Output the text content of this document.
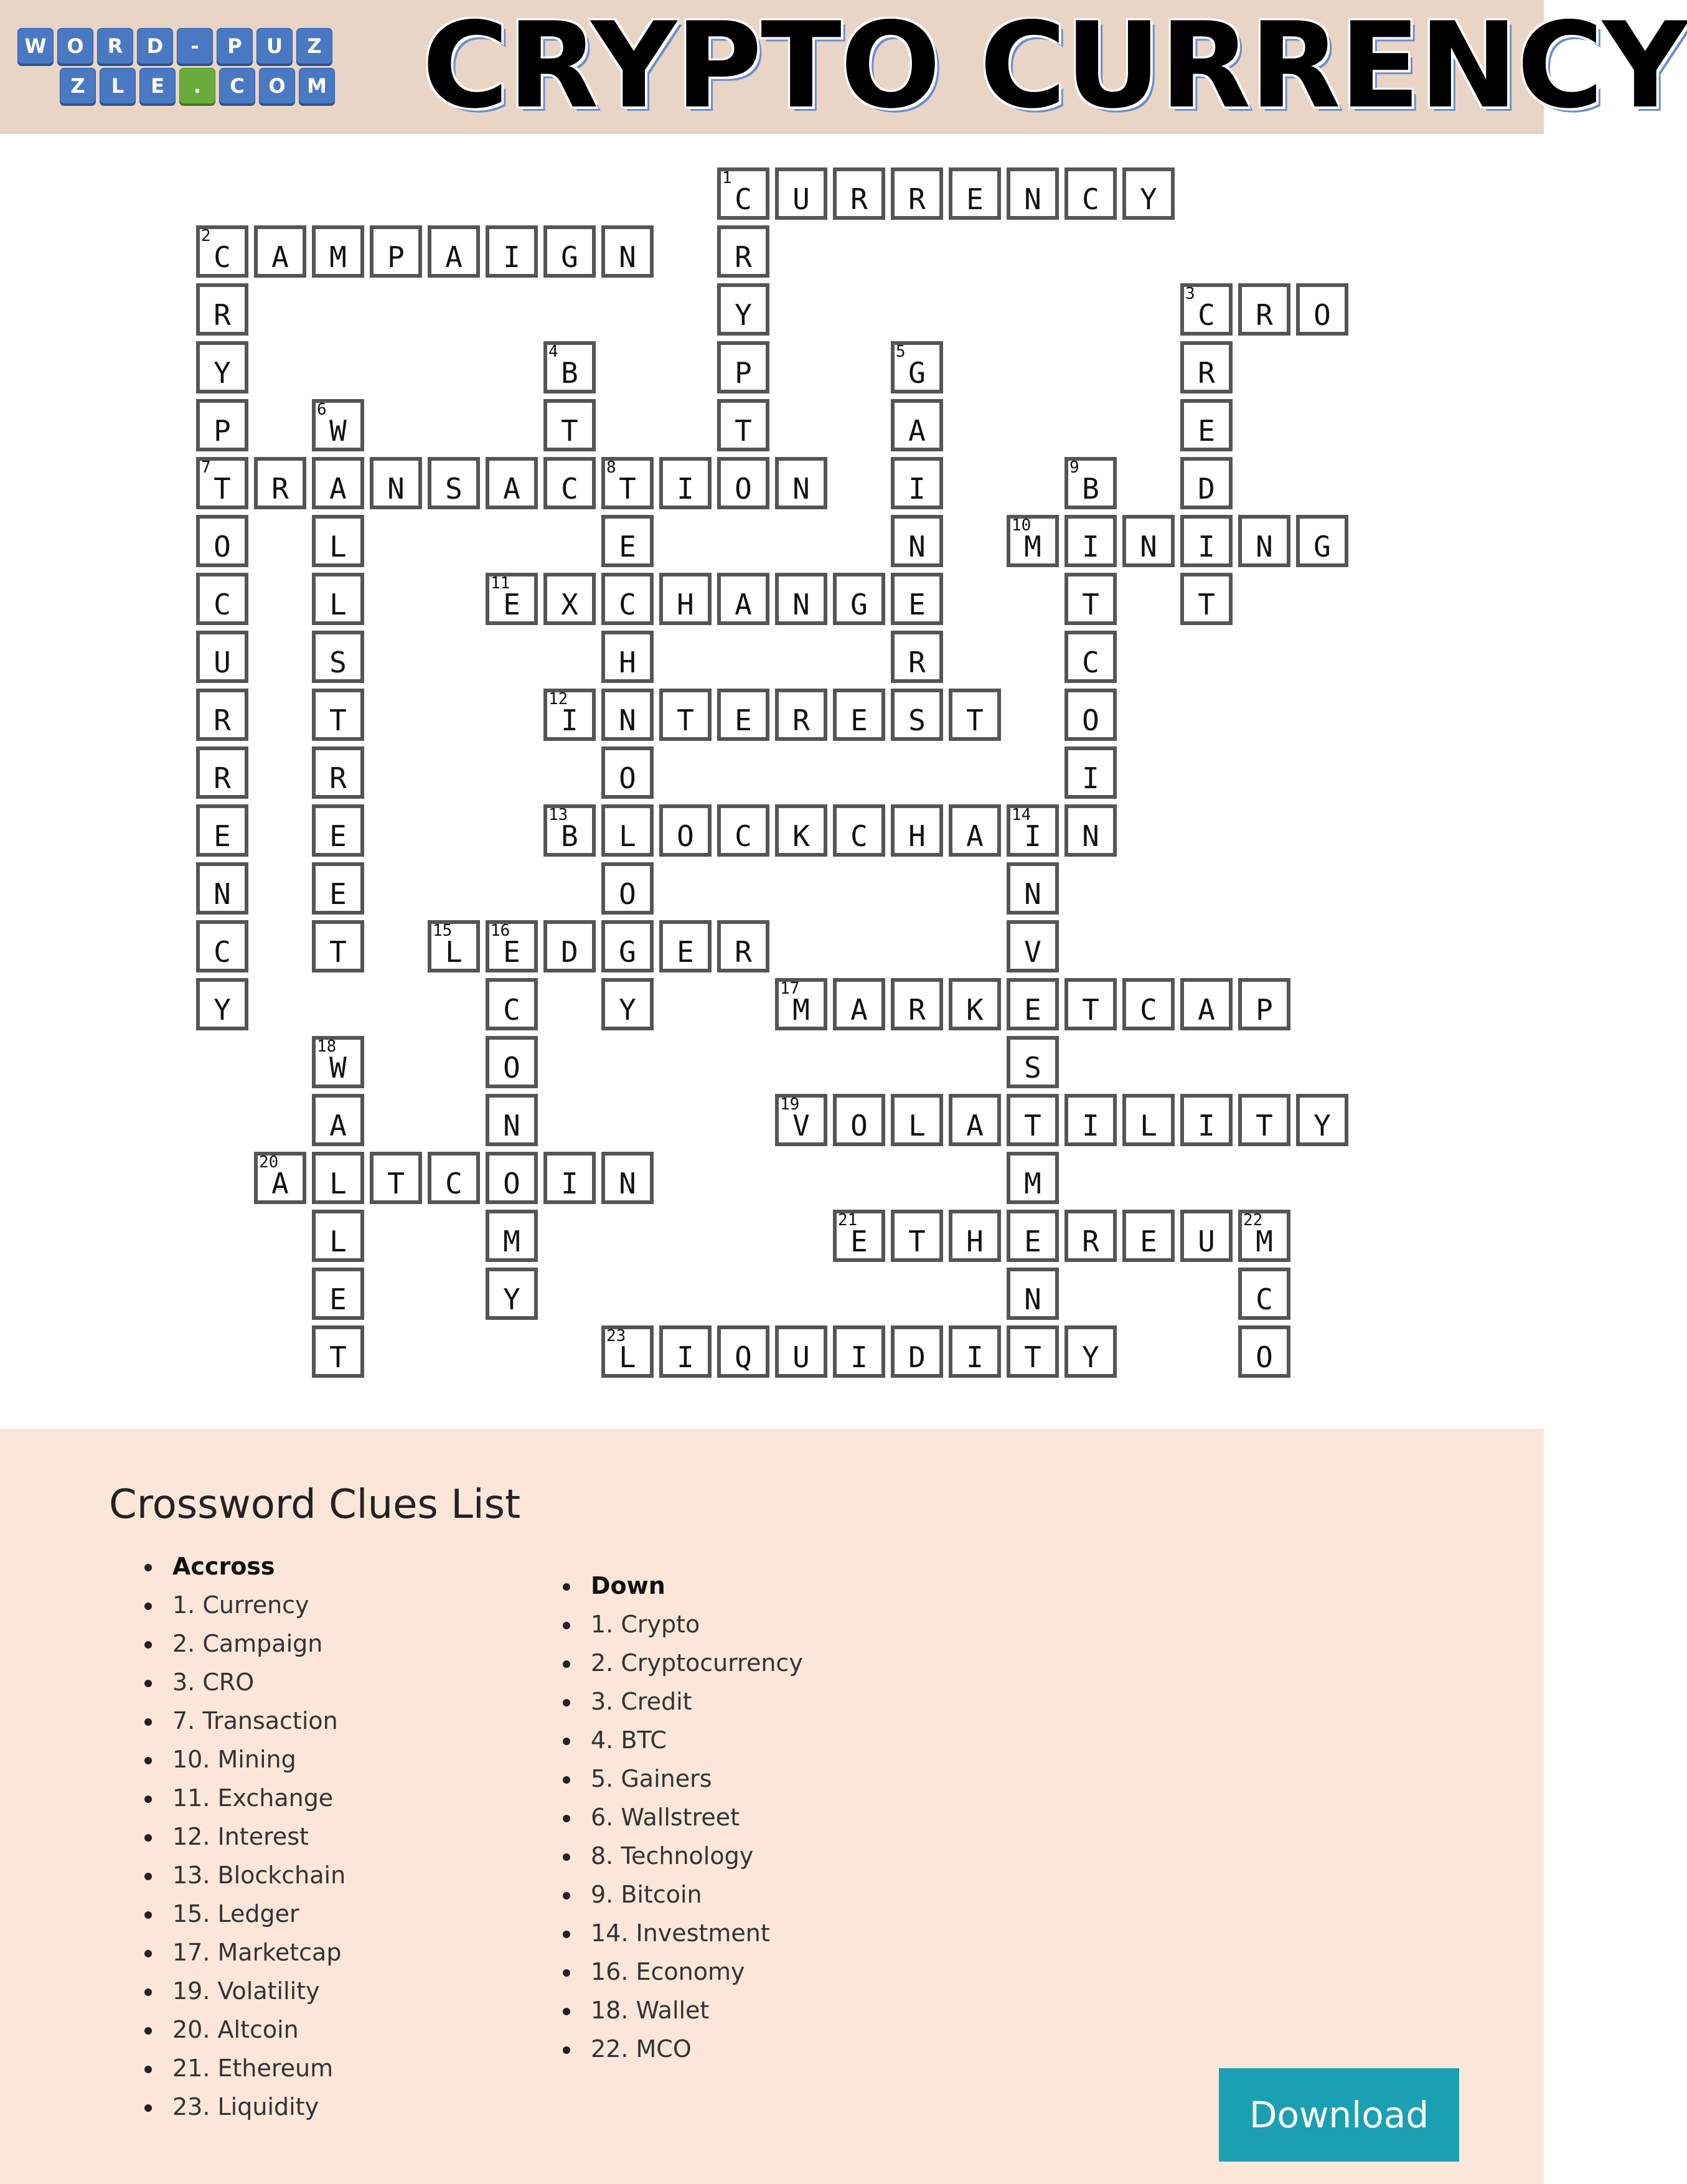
W	O	R	D	-	P	U	Z
Z	L	E	.	C	O	M CRYPTO CURRENCY
C
1
U	R	R	E	N	C	Y
C
2
A	M	P	A	I	G	N
C
3
R	O
T
7
R	A	N	S	A	C	T
8
I	O	N
M
10
I	N	I	N	G
E
11
X	C	H	A	N	G	E
I
12
N	T	E	R	E	S	T
B
13
L	O	C	K	C	H	A	I
14
N
L
15
E
16
D	G	E	R
M
17
A	R	K	E	T	C	A	P
V
19
O	L	A	T	I	L	I	T	Y
A
20
L	T	C	O	I	N
E
21
T	H	E	R	E	U	M
22
L
23
I	Q	U	I	D	I	T	Y
R
Y
P
T
R
Y
P
O
C
U
R
R
E
N
C
Y
R
E
D
T
B
4
T
G
5
A
I
N
R
W
6
L
L
S
T
R
E
E
T
E
H
O
O
Y
B
9
T
C
O
I
N
V
S
M
N
C
O
N
M
Y
W
18
A
L
E
T
C
O
Crossword Clues List
Accross
1. Currency
2. Campaign
3. CRO
7. Transaction
10. Mining
11. Exchange
12. Interest
13. Blockchain
15. Ledger
17. Marketcap
19. Volatility
20. Altcoin
21. Ethereum
23. Liquidity
Down
1. Crypto
2. Cryptocurrency
3. Credit
4. BTC
5. Gainers
6. Wallstreet
8. Technology
9. Bitcoin
14. Investment
16. Economy
18. Wallet
22. MCO
Download
